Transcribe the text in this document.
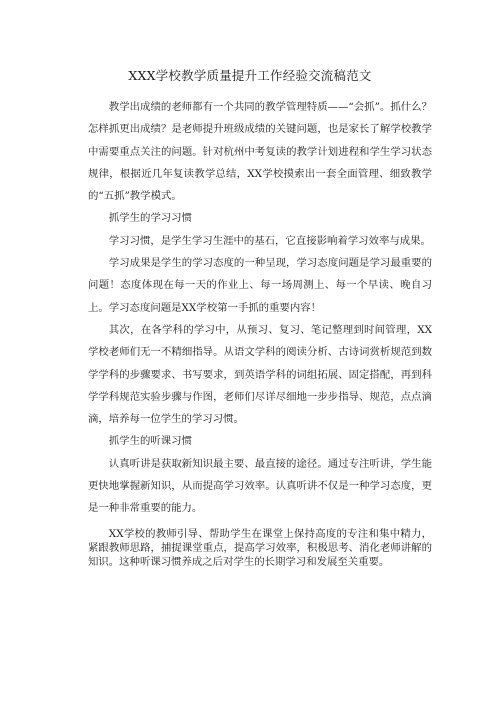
XXX学校教学质量提升工作经验交流稿范文

教学出成绩的老师都有一个共同的教学管理特质——“会抓”。抓什么？怎样抓更出成绩？是老师提升班级成绩的关键问题，也是家长了解学校教学中需要重点关注的问题。针对杭州中考复读的教学计划进程和学生学习状态规律，根据近几年复读教学总结，XX学校摸索出一套全面管理、细致教学的“五抓”教学模式。

抓学生的学习习惯

学习习惯，是学生学习生涯中的基石，它直接影响着学习效率与成果。

学习成果是学生的学习态度的一种呈现，学习态度问题是学习最重要的问题！态度体现在每一天的作业上、每一场周测上、每一个早读、晚自习上。学习态度问题是XX学校第一手抓的重要内容！

其次，在各学科的学习中，从预习、复习、笔记整理到时间管理，XX学校老师们无一不精细指导。从语文学科的阅读分析、古诗词赏析规范到数学学科的步骤要求、书写要求，到英语学科的词组拓展、固定搭配，再到科学学科规范实验步骤与作图，老师们尽详尽细地一步步指导、规范，点点滴滴，培养每一位学生的学习习惯。

抓学生的听课习惯

认真听讲是获取新知识最主要、最直接的途径。通过专注听讲，学生能更快地掌握新知识，从而提高学习效率。认真听讲不仅是一种学习态度，更是一种非常重要的能力。

XX学校的教师引导、帮助学生在课堂上保持高度的专注和集中精力，紧跟教师思路，捕捉课堂重点，提高学习效率，积极思考、消化老师讲解的知识。这种听课习惯养成之后对学生的长期学习和发展至关重要。
